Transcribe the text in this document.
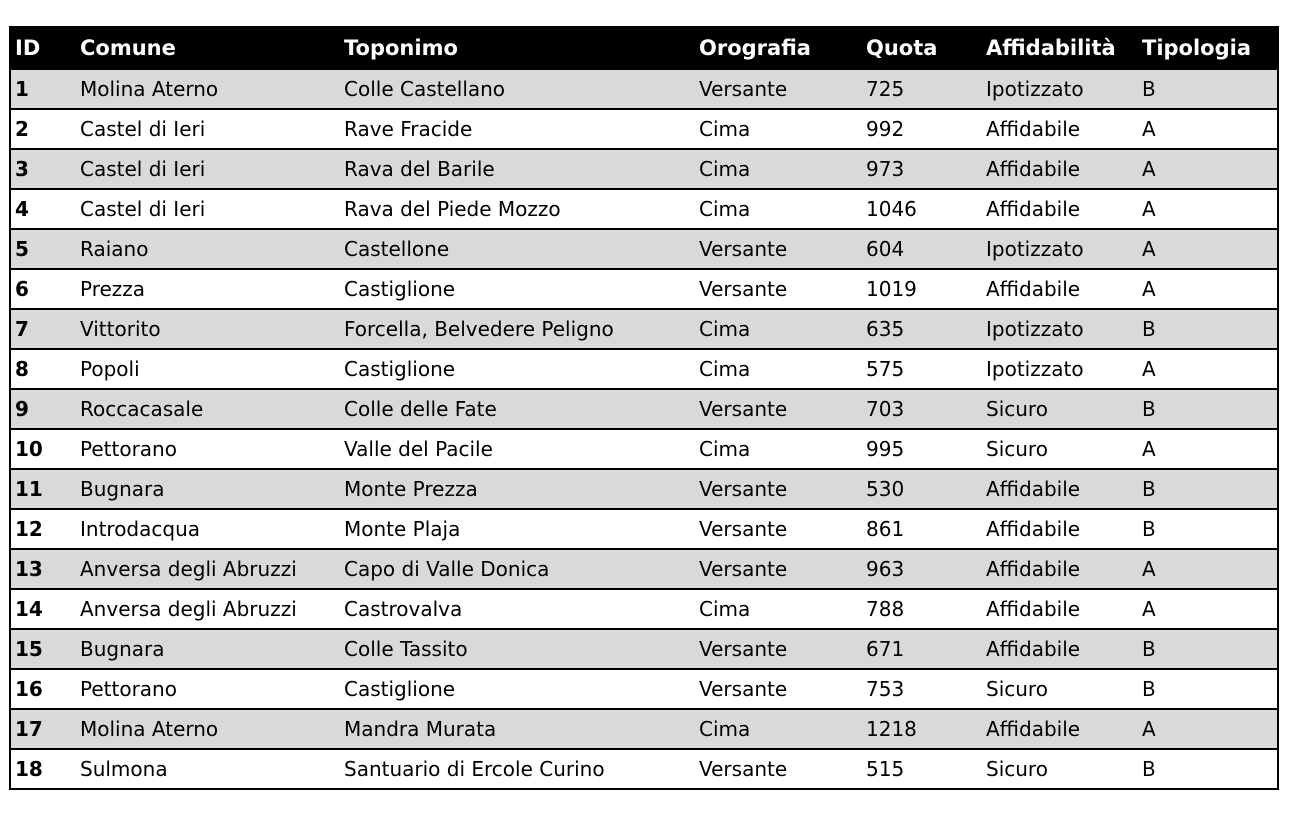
ID	Comune	Toponimo	Orografia	Quota	Affidabilità	Tipologia
1	Molina Aterno	Colle Castellano	Versante	725	Ipotizzato	B
2	Castel di Ieri	Rave Fracide	Cima	992	Affidabile	A
3	Castel di Ieri	Rava del Barile	Cima	973	Affidabile	A
4	Castel di Ieri	Rava del Piede Mozzo	Cima	1046	Affidabile	A
5	Raiano	Castellone	Versante	604	Ipotizzato	A
6	Prezza	Castiglione	Versante	1019	Affidabile	A
7	Vittorito	Forcella, Belvedere Peligno	Cima	635	Ipotizzato	B
8	Popoli	Castiglione	Cima	575	Ipotizzato	A
9	Roccacasale	Colle delle Fate	Versante	703	Sicuro	B
10	Pettorano	Valle del Pacile	Cima	995	Sicuro	A
11	Bugnara	Monte Prezza	Versante	530	Affidabile	B
12	Introdacqua	Monte Plaja	Versante	861	Affidabile	B
13	Anversa degli Abruzzi	Capo di Valle Donica	Versante	963	Affidabile	A
14	Anversa degli Abruzzi	Castrovalva	Cima	788	Affidabile	A
15	Bugnara	Colle Tassito	Versante	671	Affidabile	B
16	Pettorano	Castiglione	Versante	753	Sicuro	B
17	Molina Aterno	Mandra Murata	Cima	1218	Affidabile	A
18	Sulmona	Santuario di Ercole Curino	Versante	515	Sicuro	B
